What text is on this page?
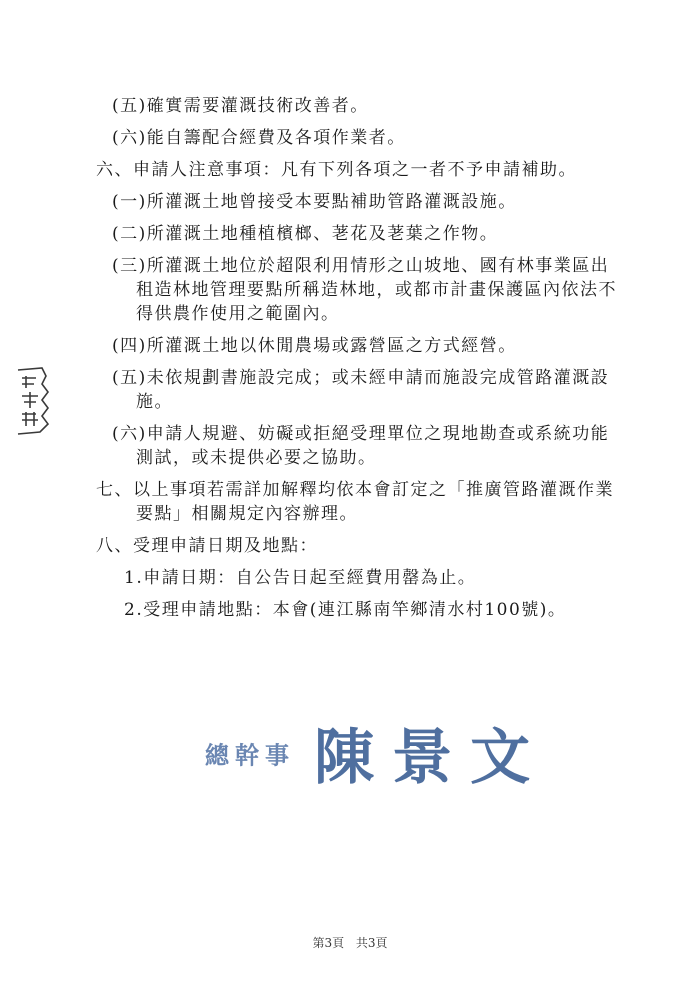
(五)確實需要灌溉技術改善者。
(六)能自籌配合經費及各項作業者。
六、申請人注意事項：凡有下列各項之一者不予申請補助。
(一)所灌溉土地曾接受本要點補助管路灌溉設施。
(二)所灌溉土地種植檳榔、荖花及荖葉之作物。
(三)所灌溉土地位於超限利用情形之山坡地、國有林事業區出
租造林地管理要點所稱造林地，或都市計畫保護區內依法不
得供農作使用之範圍內。
(四)所灌溉土地以休閒農場或露營區之方式經營。
(五)未依規劃書施設完成；或未經申請而施設完成管路灌溉設
施。
(六)申請人規避、妨礙或拒絕受理單位之現地勘查或系統功能
測試，或未提供必要之協助。
七、以上事項若需詳加解釋均依本會訂定之「推廣管路灌溉作業
要點」相關規定內容辦理。
八、受理申請日期及地點：
1.申請日期：自公告日起至經費用罄為止。
2.受理申請地點：本會(連江縣南竿鄉清水村100號)。
總幹事 陳景文
第3頁 共3頁
